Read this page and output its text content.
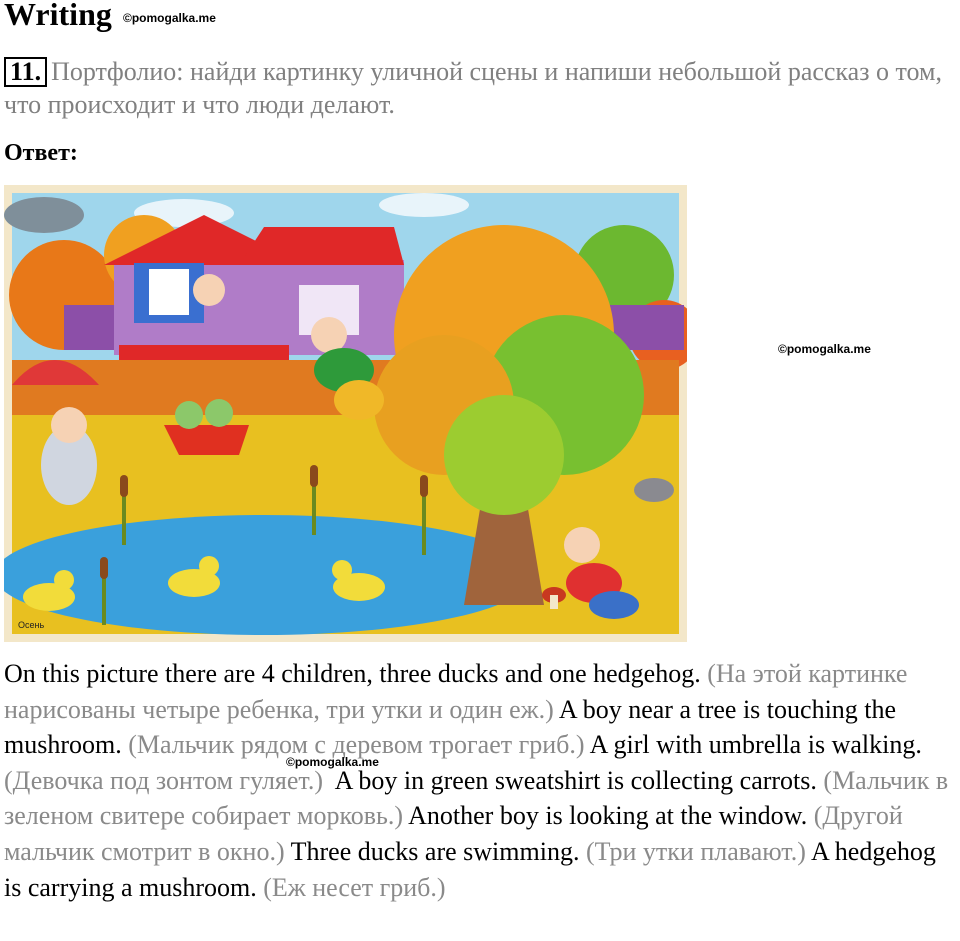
Writing ©pomogalka.me
11. Портфолио: найди картинку уличной сцены и напиши небольшой рассказ о том, что происходит и что люди делают.
Ответ:
Осень
©pomogalka.me
©pomogalka.me
On this picture there are 4 children, three ducks and one hedgehog. (На этой картинке нарисованы четыре ребенка, три утки и один еж.) A boy near a tree is touching the mushroom. (Мальчик рядом с деревом трогает гриб.) A girl with umbrella is walking. (Девочка под зонтом гуляет.) A boy in green sweatshirt is collecting carrots. (Мальчик в зеленом свитере собирает морковь.) Another boy is looking at the window. (Другой мальчик смотрит в окно.) Three ducks are swimming. (Три утки плавают.) A hedgehog is carrying a mushroom. (Еж несет гриб.)
